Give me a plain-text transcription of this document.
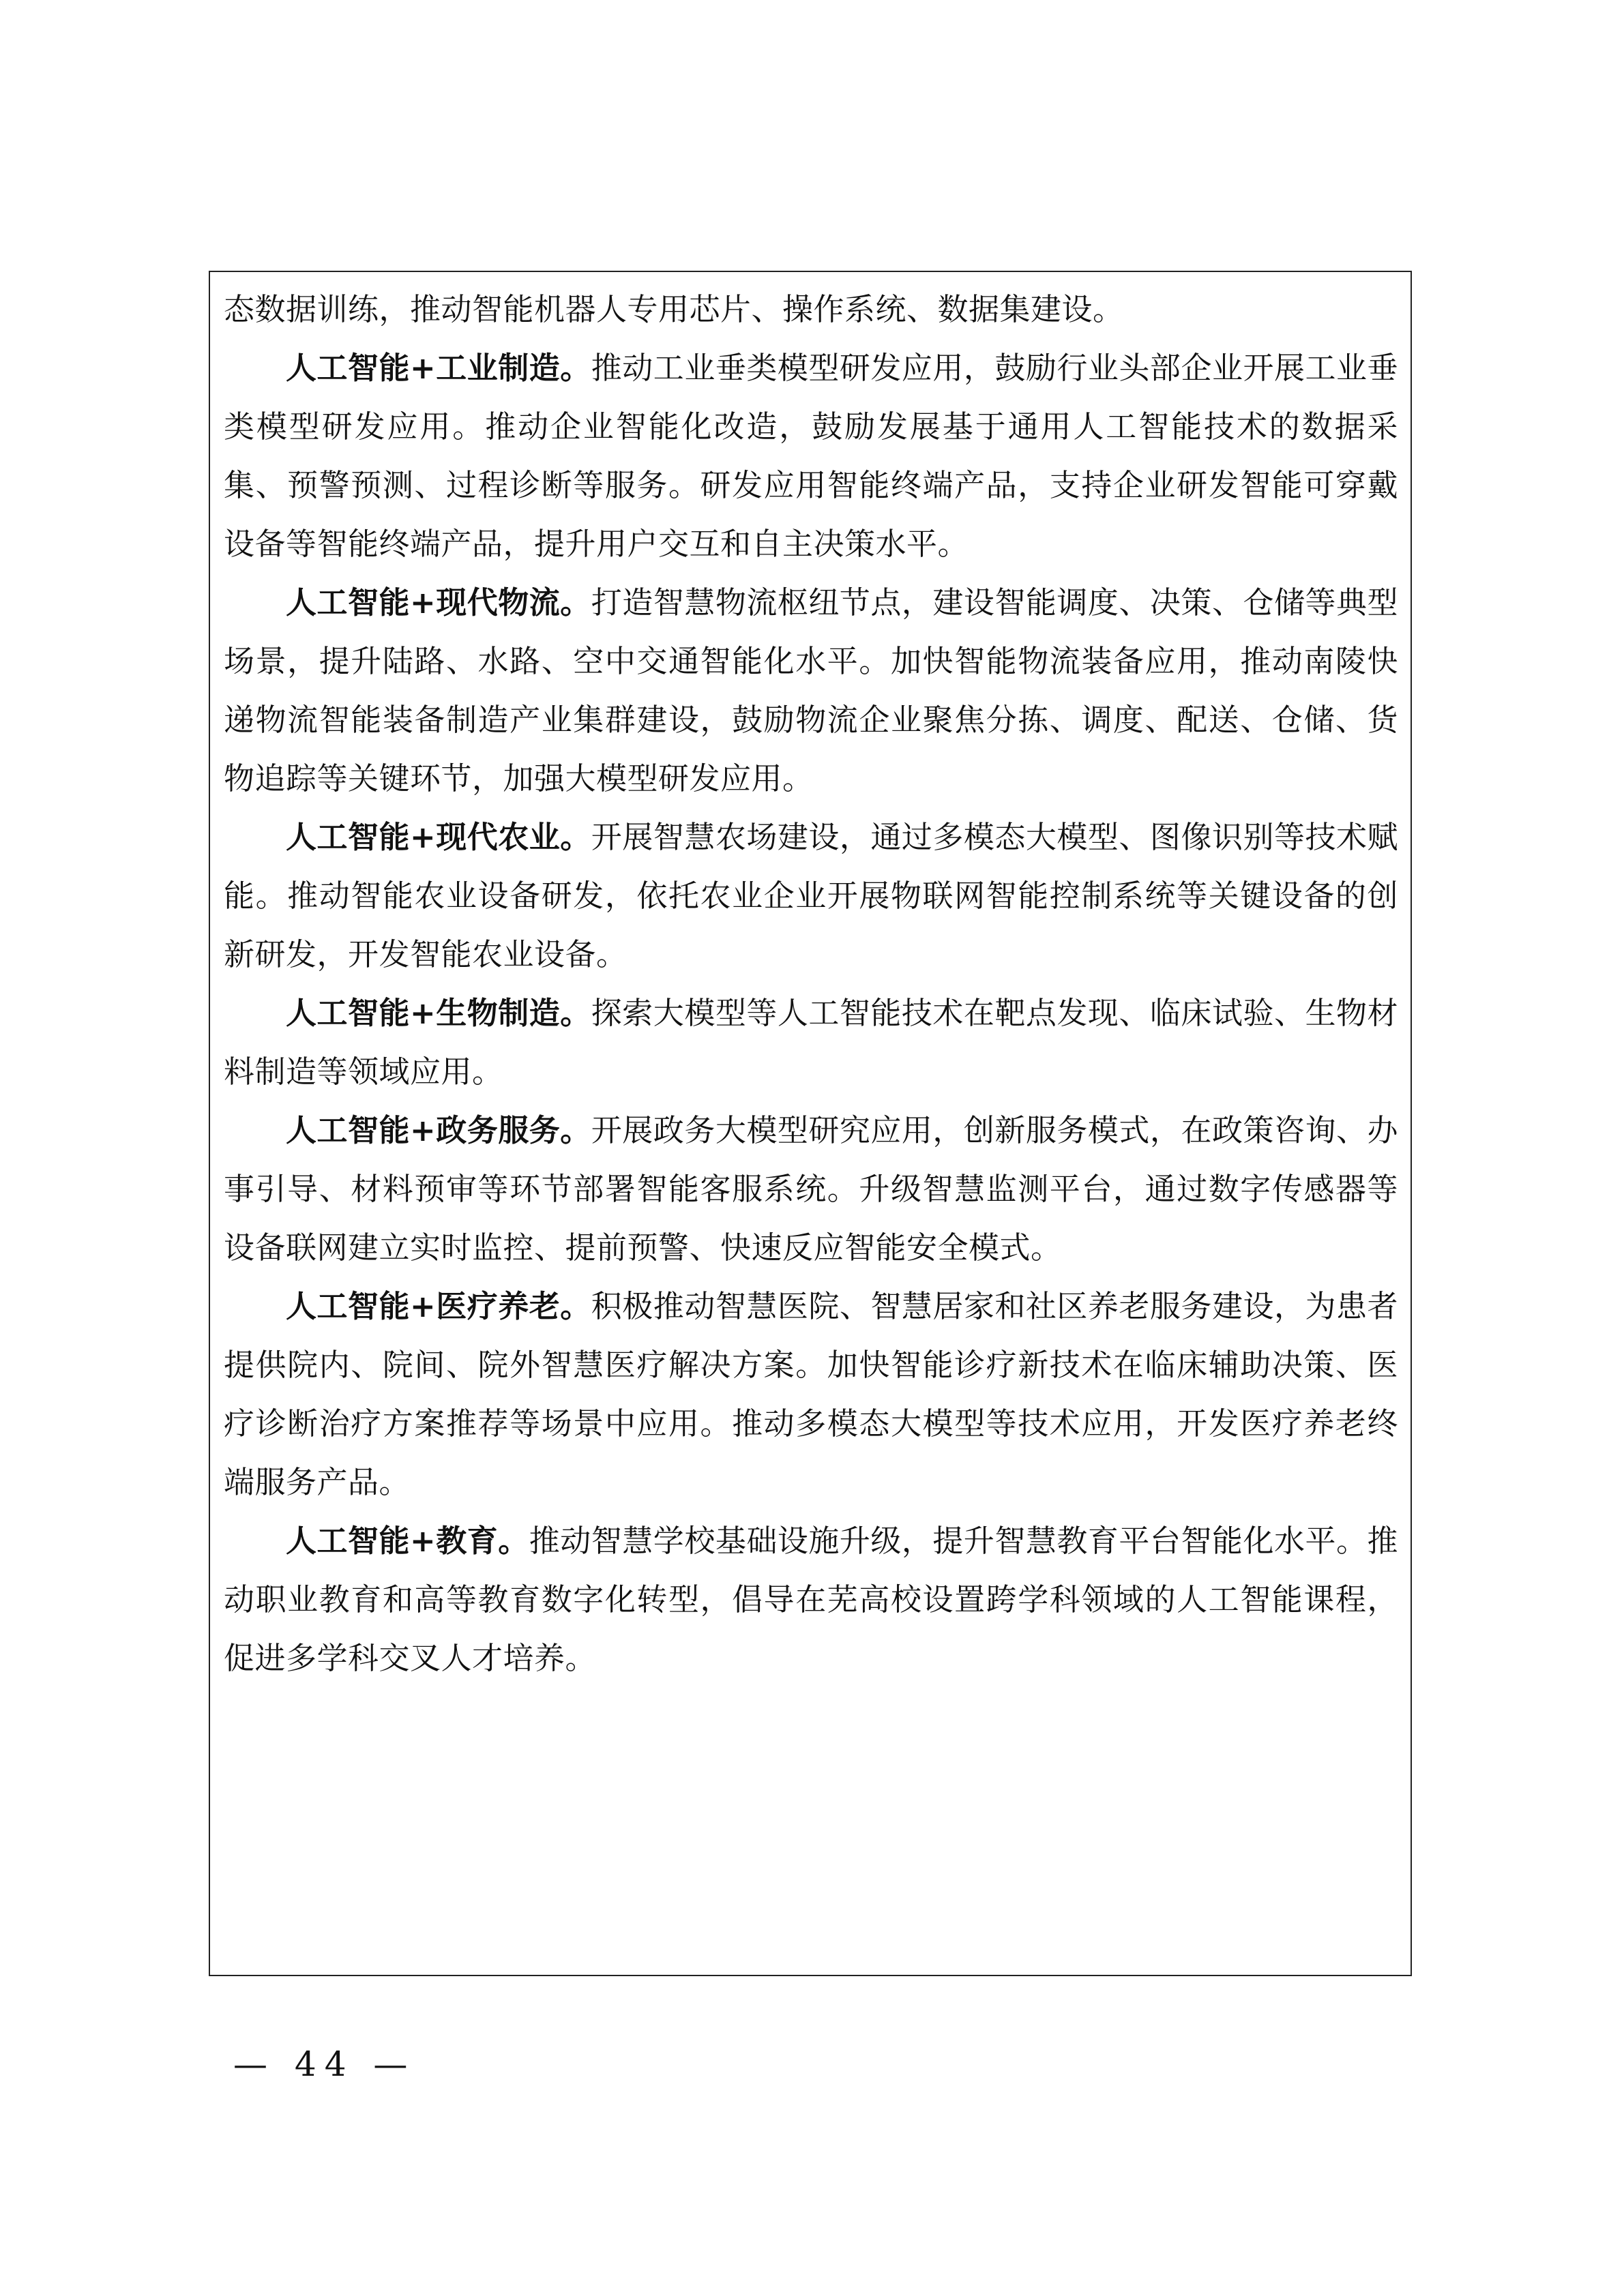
态数据训练，推动智能机器人专用芯片、操作系统、数据集建设。

人工智能+工业制造。推动工业垂类模型研发应用，鼓励行业头部企业开展工业垂类模型研发应用。推动企业智能化改造，鼓励发展基于通用人工智能技术的数据采集、预警预测、过程诊断等服务。研发应用智能终端产品，支持企业研发智能可穿戴设备等智能终端产品，提升用户交互和自主决策水平。

人工智能+现代物流。打造智慧物流枢纽节点，建设智能调度、决策、仓储等典型场景，提升陆路、水路、空中交通智能化水平。加快智能物流装备应用，推动南陵快递物流智能装备制造产业集群建设，鼓励物流企业聚焦分拣、调度、配送、仓储、货物追踪等关键环节，加强大模型研发应用。

人工智能+现代农业。开展智慧农场建设，通过多模态大模型、图像识别等技术赋能。推动智能农业设备研发，依托农业企业开展物联网智能控制系统等关键设备的创新研发，开发智能农业设备。

人工智能+生物制造。探索大模型等人工智能技术在靶点发现、临床试验、生物材料制造等领域应用。

人工智能+政务服务。开展政务大模型研究应用，创新服务模式，在政策咨询、办事引导、材料预审等环节部署智能客服系统。升级智慧监测平台，通过数字传感器等设备联网建立实时监控、提前预警、快速反应智能安全模式。

人工智能+医疗养老。积极推动智慧医院、智慧居家和社区养老服务建设，为患者提供院内、院间、院外智慧医疗解决方案。加快智能诊疗新技术在临床辅助决策、医疗诊断治疗方案推荐等场景中应用。推动多模态大模型等技术应用，开发医疗养老终端服务产品。

人工智能+教育。推动智慧学校基础设施升级，提升智慧教育平台智能化水平。推动职业教育和高等教育数字化转型，倡导在芜高校设置跨学科领域的人工智能课程，促进多学科交叉人才培养。

— 44 —
